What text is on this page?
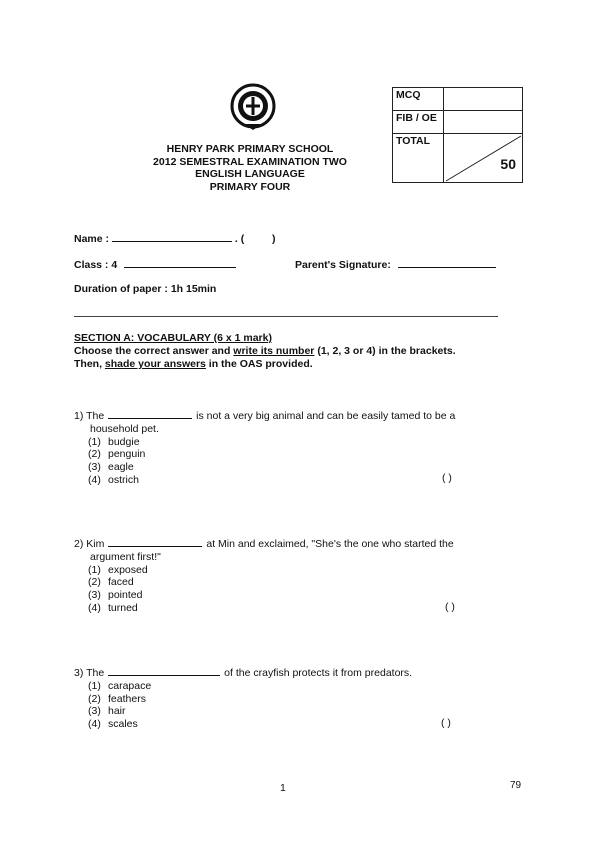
HENRY PARK PRIMARY SCHOOL
2012 SEMESTRAL EXAMINATION TWO
ENGLISH LANGUAGE
PRIMARY FOUR
MCQ	
FIB / OE	
TOTAL	50
Name :	. (	)
Class : 4	Parent's Signature:
Duration of paper : 1h 15min
SECTION A: VOCABULARY (6 x 1 mark)
Choose the correct answer and write its number (1, 2, 3 or 4) in the brackets.
Then, shade your answers in the OAS provided.
1) The	is not a very big animal and can be easily tamed to be a
household pet.
(1) budgie
(2) penguin
(3) eagle
(4) ostrich	( )
2) Kim	at Min and exclaimed, "She's the one who started the
argument first!"
(1) exposed
(2) faced
(3) pointed
(4) turned	( )
3) The	of the crayfish protects it from predators.
(1) carapace
(2) feathers
(3) hair
(4) scales	( )
1	79
